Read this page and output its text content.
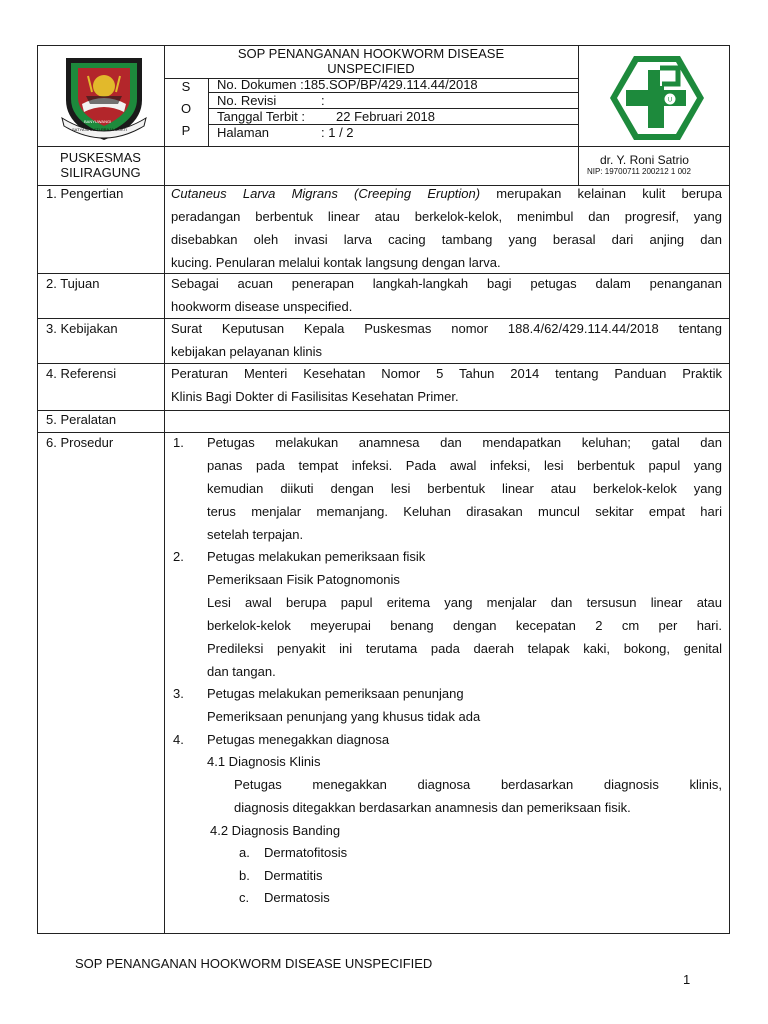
BANYUWANGI
SATYA BHAKTI PRAJA MUKTI
U
SOP PENANGANAN HOOKWORM DISEASE
UNSPECIFIED
S
O
P
No. Dokumen :185.SOP/BP/429.114.44/2018
No. Revisi	:
Tanggal Terbit : 22 Februari 2018
Halaman	: 1 / 2
PUSKESMAS
SILIRAGUNG
dr. Y. Roni Satrio
NIP: 19700711 200212 1 002
1. Pengertian	Cutaneus Larva Migrans (Creeping Eruption) merupakan kelainan kulit berupa
peradangan berbentuk linear atau berkelok-kelok, menimbul dan progresif, yang
disebabkan oleh invasi larva cacing tambang yang berasal dari anjing dan
kucing. Penularan melalui kontak langsung dengan larva.
2. Tujuan	Sebagai acuan penerapan langkah-langkah bagi petugas dalam penanganan
hookworm disease unspecified.
3. Kebijakan	Surat Keputusan Kepala Puskesmas nomor 188.4/62/429.114.44/2018 tentang
kebijakan pelayanan klinis
4. Referensi	Peraturan Menteri Kesehatan Nomor 5 Tahun 2014 tentang Panduan Praktik
Klinis Bagi Dokter di Fasilisitas Kesehatan Primer.
5. Peralatan
6. Prosedur	1. Petugas melakukan anamnesa dan mendapatkan keluhan; gatal dan
panas pada tempat infeksi. Pada awal infeksi, lesi berbentuk papul yang
kemudian diikuti dengan lesi berbentuk linear atau berkelok-kelok yang
terus menjalar memanjang. Keluhan dirasakan muncul sekitar empat hari
setelah terpajan.
2. Petugas melakukan pemeriksaan fisik
Pemeriksaan Fisik Patognomonis
Lesi awal berupa papul eritema yang menjalar dan tersusun linear atau
berkelok-kelok meyerupai benang dengan kecepatan 2 cm per hari.
Predileksi penyakit ini terutama pada daerah telapak kaki, bokong, genital
dan tangan.
3. Petugas melakukan pemeriksaan penunjang
Pemeriksaan penunjang yang khusus tidak ada
4. Petugas menegakkan diagnosa
4.1 Diagnosis Klinis
Petugas menegakkan diagnosa berdasarkan diagnosis klinis,
diagnosis ditegakkan berdasarkan anamnesis dan pemeriksaan fisik.
4.2 Diagnosis Banding
a. Dermatofitosis
b. Dermatitis
c. Dermatosis
SOP PENANGANAN HOOKWORM DISEASE UNSPECIFIED
1
